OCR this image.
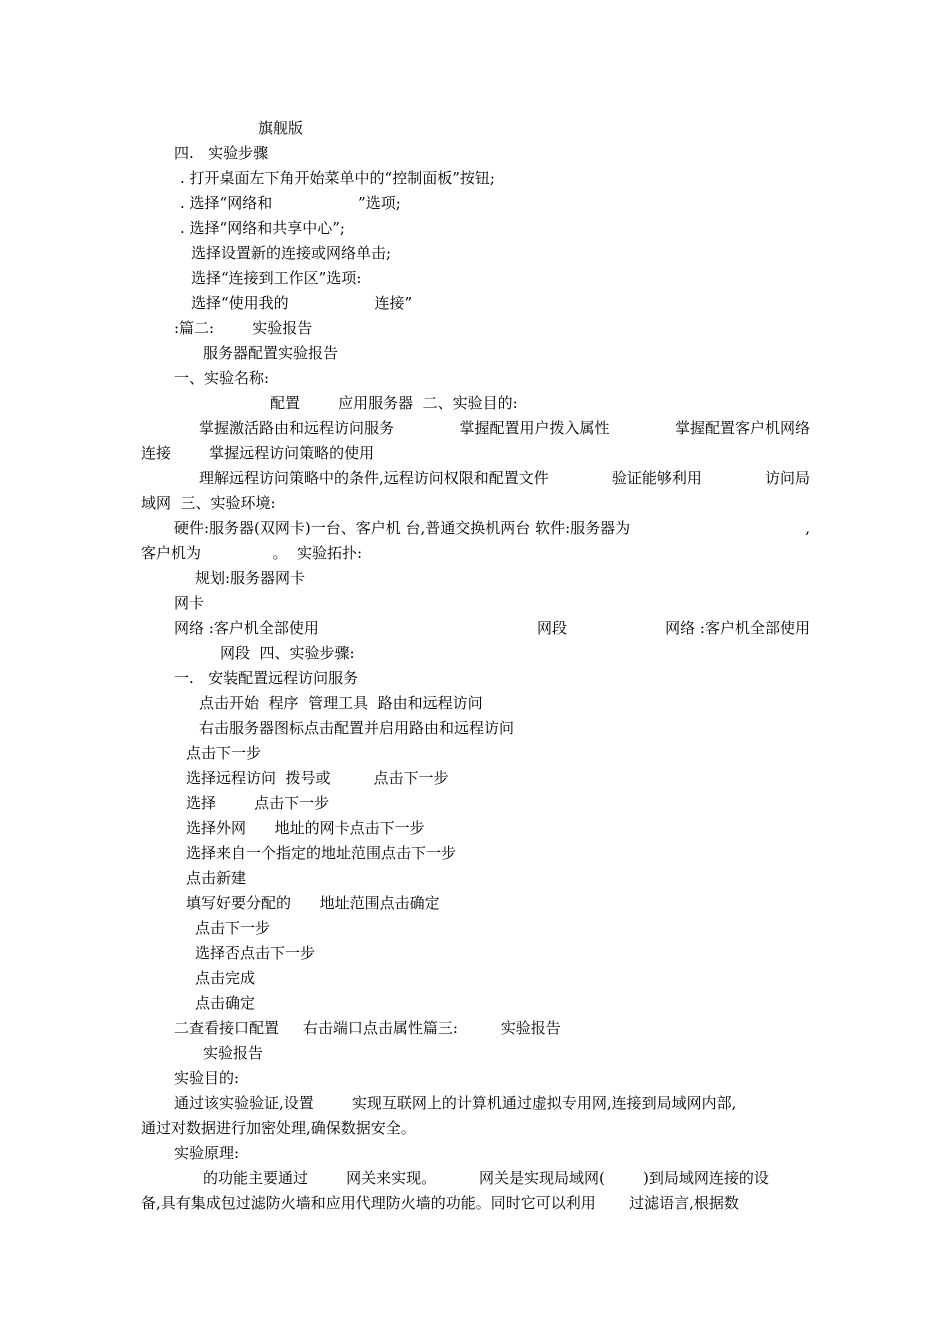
旗舰版
四.   实验步骤
. 打开桌面左下角开始菜单中的“控制面板”按钮;
. 选择“网络和                  ”选项;
. 选择“网络和共享中心”;
选择设置新的连接或网络单击;
选择“连接到工作区”选项:
选择“使用我的                  连接”
:篇二:        实验报告
服务器配置实验报告
一、实验名称:
配置        应用服务器  二、实验目的:
掌握激活路由和远程访问服务	掌握配置用户拨入属性	掌握配置客户机网络
连接        掌握远程访问策略的使用
理解远程访问策略中的条件,远程访问权限和配置文件	验证能够利用	访问局
域网  三、实验环境:
硬件:服务器(双网卡)一台、客户机 台,普通交换机两台 软件:服务器为	,
客户机为               。  实验拓扑:
规划:服务器网卡
网卡
网络 :客户机全部使用	网段	网络 :客户机全部使用
网段  四、实验步骤:
一.   安装配置远程访问服务
点击开始  程序  管理工具  路由和远程访问
右击服务器图标点击配置并启用路由和远程访问
点击下一步
选择远程访问  拨号或         点击下一步
选择        点击下一步
选择外网      地址的网卡点击下一步
选择来自一个指定的地址范围点击下一步
点击新建
填写好要分配的      地址范围点击确定
点击下一步
选择否点击下一步
点击完成
点击确定
二查看接口配置     右击端口点击属性篇三:         实验报告
实验报告
实验目的:
通过该实验验证,设置        实现互联网上的计算机通过虚拟专用网,连接到局域网内部,
通过对数据进行加密处理,确保数据安全。
实验原理:
的功能主要通过        网关来实现。         网关是实现局域网(        )到局域网连接的设
备,具有集成包过滤防火墙和应用代理防火墙的功能。同时它可以利用       过滤语言,根据数
